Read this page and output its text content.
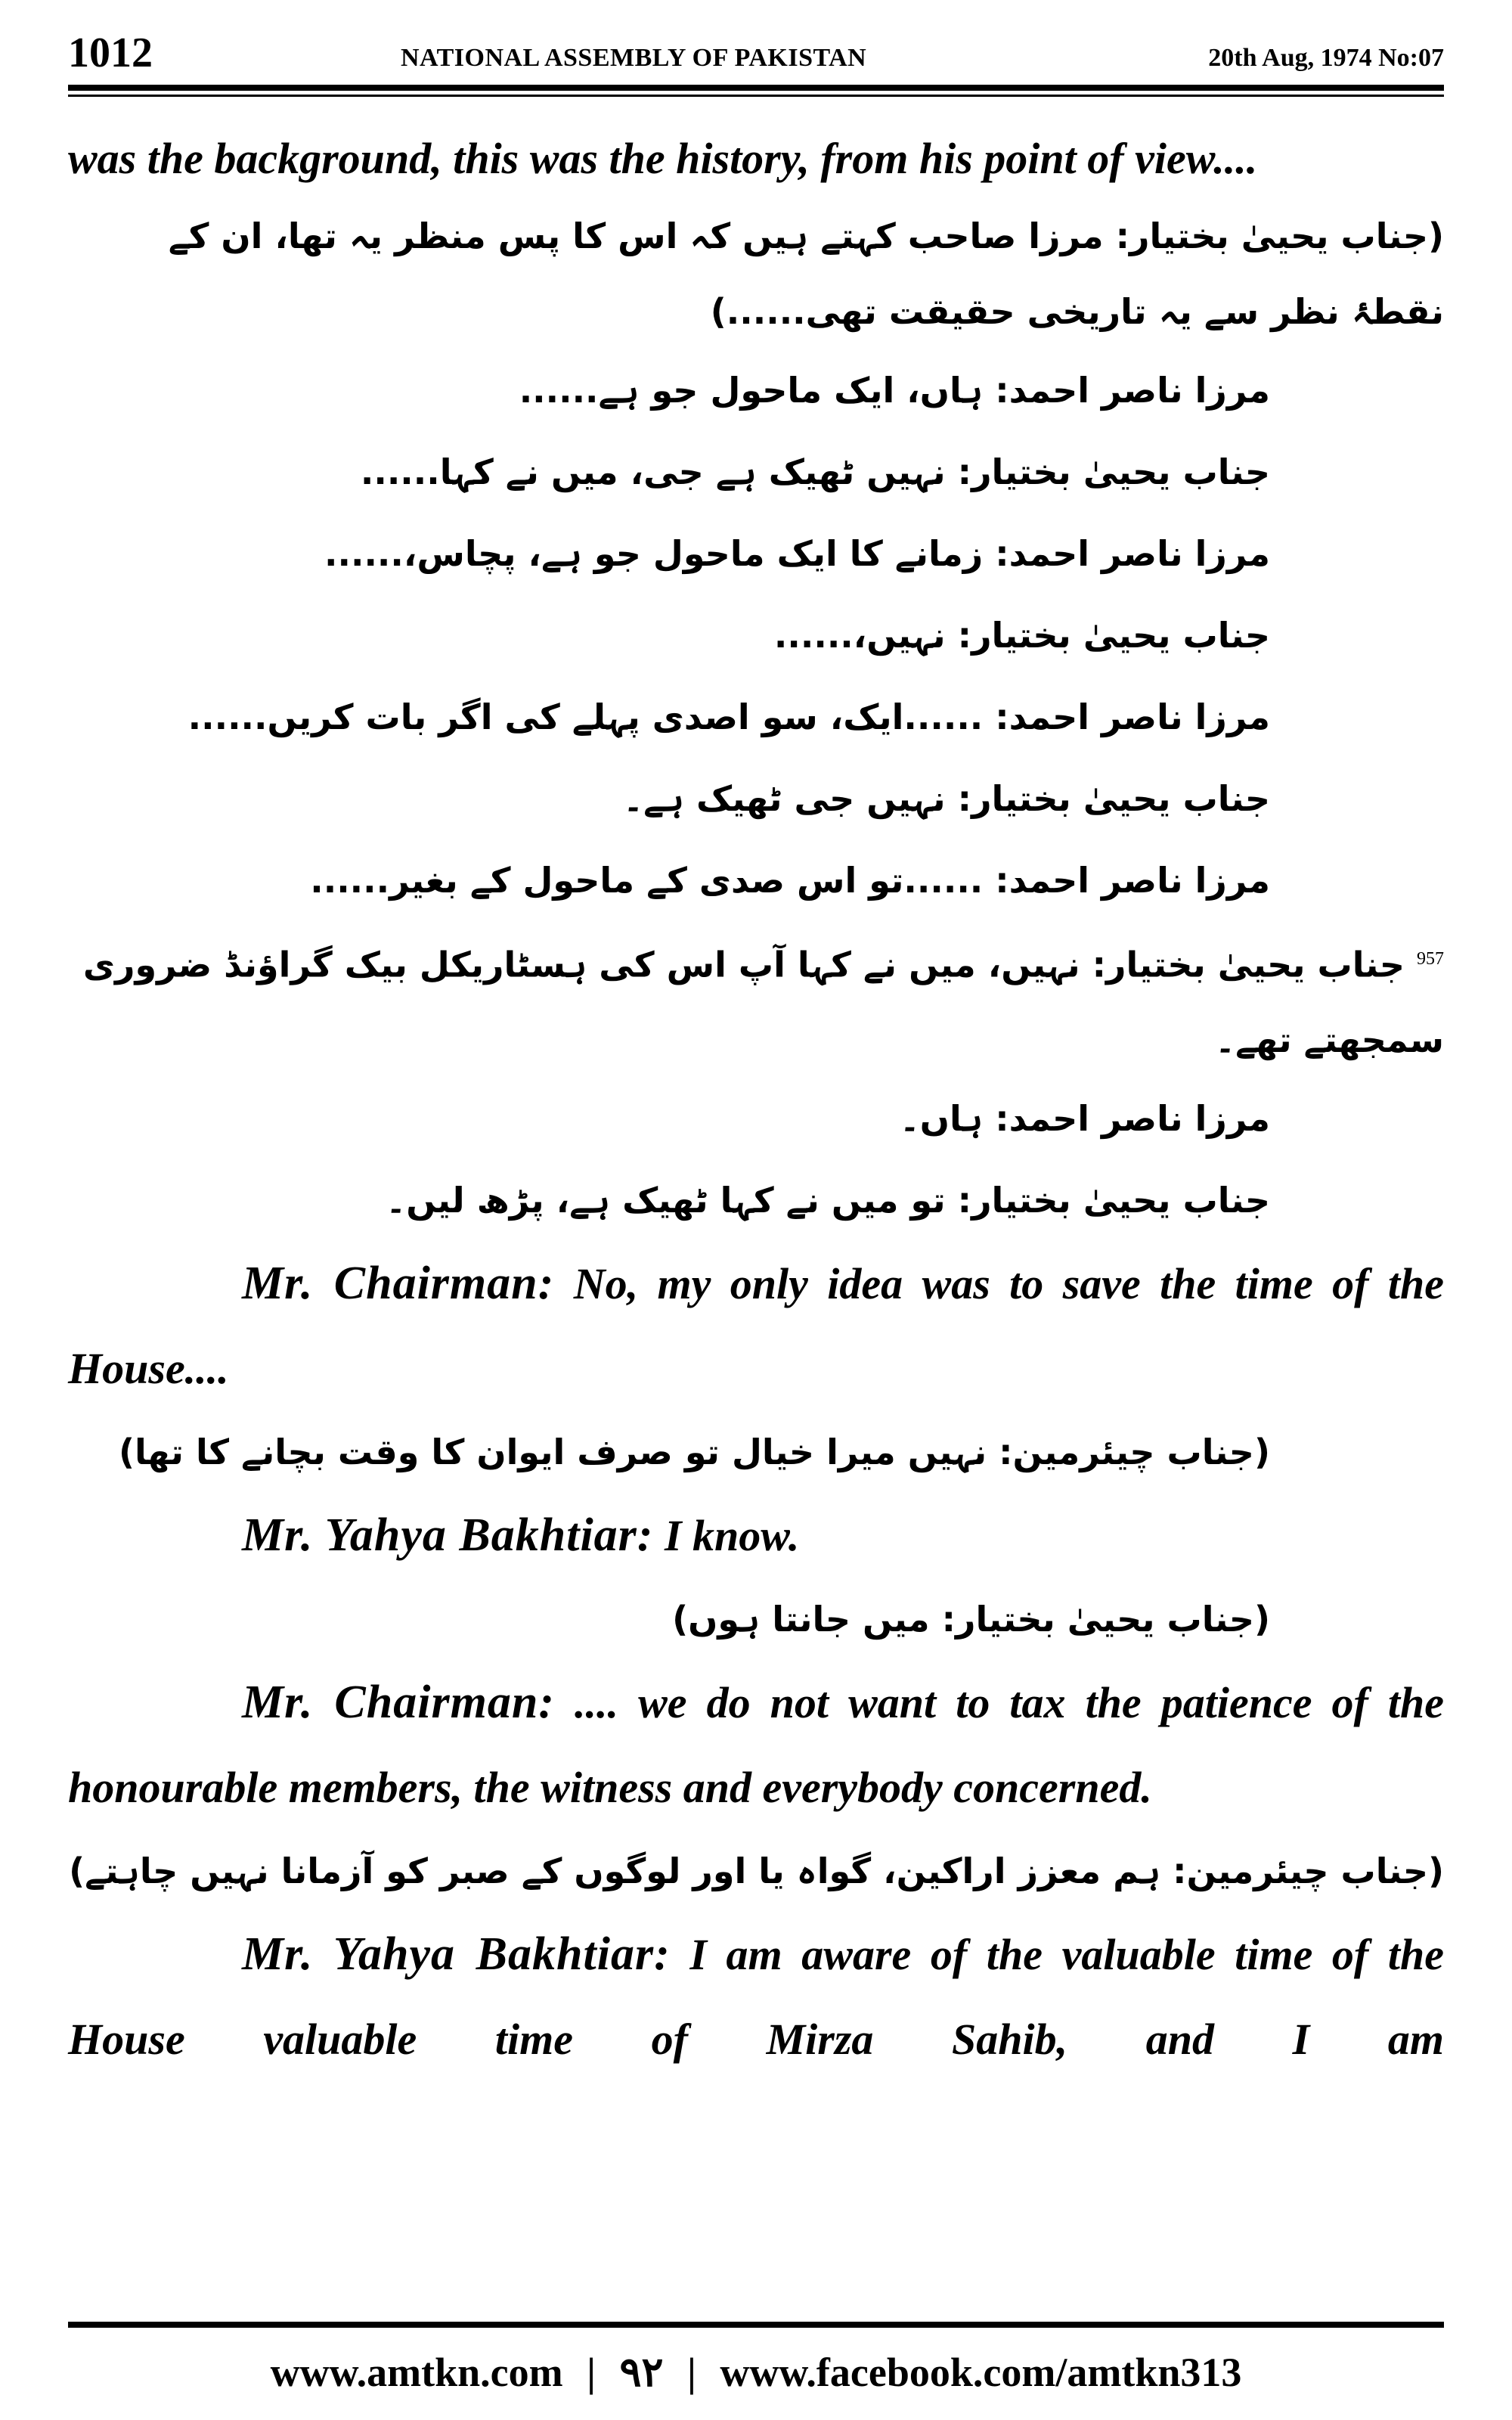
1012	NATIONAL ASSEMBLY OF PAKISTAN	20th Aug, 1974 No:07

was the background, this was the history, from his point of view....

(جناب یحییٰ بختیار: مرزا صاحب کہتے ہیں کہ اس کا پس منظر یہ تھا، ان کے نقطۂ نظر سے یہ تاریخی حقیقت تھی......)

مرزا ناصر احمد: ہاں، ایک ماحول جو ہے......

جناب یحییٰ بختیار: نہیں ٹھیک ہے جی، میں نے کہا......

مرزا ناصر احمد: زمانے کا ایک ماحول جو ہے، پچاس،......

جناب یحییٰ بختیار: نہیں،......

مرزا ناصر احمد: ......ایک، سو اصدی پہلے کی اگر بات کریں......

جناب یحییٰ بختیار: نہیں جی ٹھیک ہے۔

مرزا ناصر احمد: ......تو اس صدی کے ماحول کے بغیر......

$^{957}$ جناب یحییٰ بختیار: نہیں، میں نے کہا آپ اس کی ہسٹاریکل بیک گراؤنڈ ضروری سمجھتے تھے۔

مرزا ناصر احمد: ہاں۔

جناب یحییٰ بختیار: تو میں نے کہا ٹھیک ہے، پڑھ لیں۔

Mr. Chairman: No, my only idea was to save the time of the House....

(جناب چیئرمین: نہیں میرا خیال تو صرف ایوان کا وقت بچانے کا تھا)

Mr. Yahya Bakhtiar: I know.

(جناب یحییٰ بختیار: میں جانتا ہوں)

Mr. Chairman: .... we do not want to tax the patience of the honourable members, the witness and everybody concerned.

(جناب چیئرمین: ہم معزز اراکین، گواہ یا اور لوگوں کے صبر کو آزمانا نہیں چاہتے)

Mr. Yahya Bakhtiar: I am aware of the valuable time of the House valuable time of Mirza Sahib, and I am

www.amtkn.com | ۹۲ | www.facebook.com/amtkn313
